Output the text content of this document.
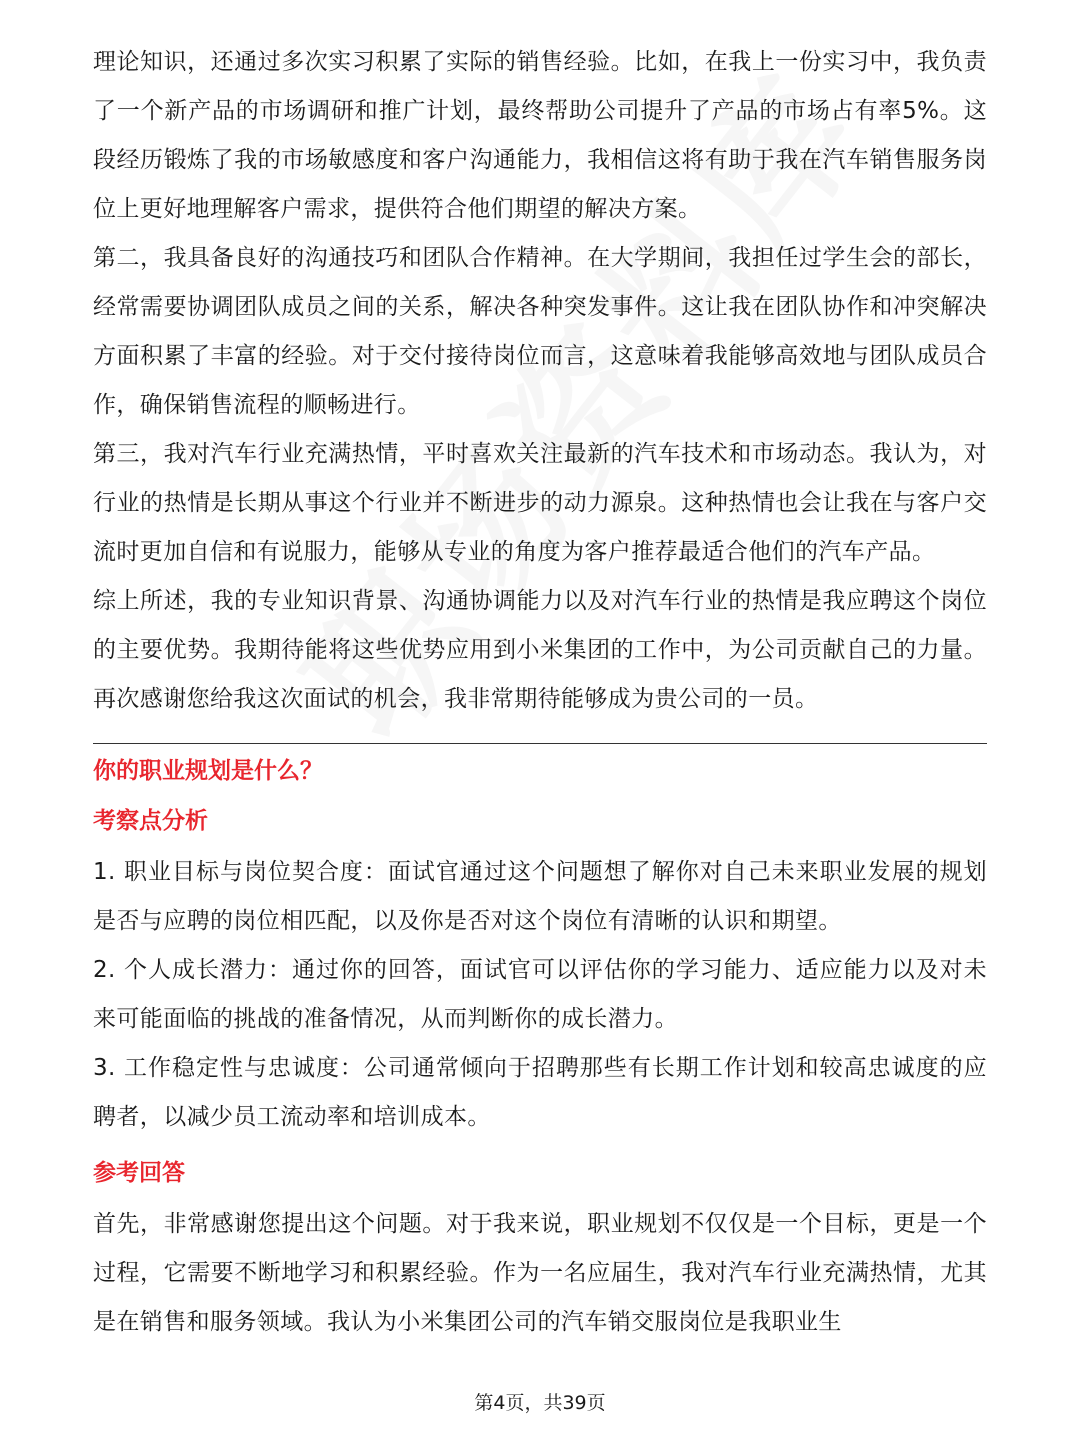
理论知识，还通过多次实习积累了实际的销售经验。比如，在我上一份实习中，我负责了一个新产品的市场调研和推广计划，最终帮助公司提升了产品的市场占有率5%。这段经历锻炼了我的市场敏感度和客户沟通能力，我相信这将有助于我在汽车销售服务岗位上更好地理解客户需求，提供符合他们期望的解决方案。

第二，我具备良好的沟通技巧和团队合作精神。在大学期间，我担任过学生会的部长，经常需要协调团队成员之间的关系，解决各种突发事件。这让我在团队协作和冲突解决方面积累了丰富的经验。对于交付接待岗位而言，这意味着我能够高效地与团队成员合作，确保销售流程的顺畅进行。

第三，我对汽车行业充满热情，平时喜欢关注最新的汽车技术和市场动态。我认为，对行业的热情是长期从事这个行业并不断进步的动力源泉。这种热情也会让我在与客户交流时更加自信和有说服力，能够从专业的角度为客户推荐最适合他们的汽车产品。

综上所述，我的专业知识背景、沟通协调能力以及对汽车行业的热情是我应聘这个岗位的主要优势。我期待能将这些优势应用到小米集团的工作中，为公司贡献自己的力量。再次感谢您给我这次面试的机会，我非常期待能够成为贵公司的一员。

你的职业规划是什么？

考察点分析

1. 职业目标与岗位契合度：面试官通过这个问题想了解你对自己未来职业发展的规划是否与应聘的岗位相匹配，以及你是否对这个岗位有清晰的认识和期望。

2. 个人成长潜力：通过你的回答，面试官可以评估你的学习能力、适应能力以及对未来可能面临的挑战的准备情况，从而判断你的成长潜力。

3. 工作稳定性与忠诚度：公司通常倾向于招聘那些有长期工作计划和较高忠诚度的应聘者，以减少员工流动率和培训成本。

参考回答

首先，非常感谢您提出这个问题。对于我来说，职业规划不仅仅是一个目标，更是一个过程，它需要不断地学习和积累经验。作为一名应届生，我对汽车行业充满热情，尤其是在销售和服务领域。我认为小米集团公司的汽车销交服岗位是我职业生

第4页，共39页
